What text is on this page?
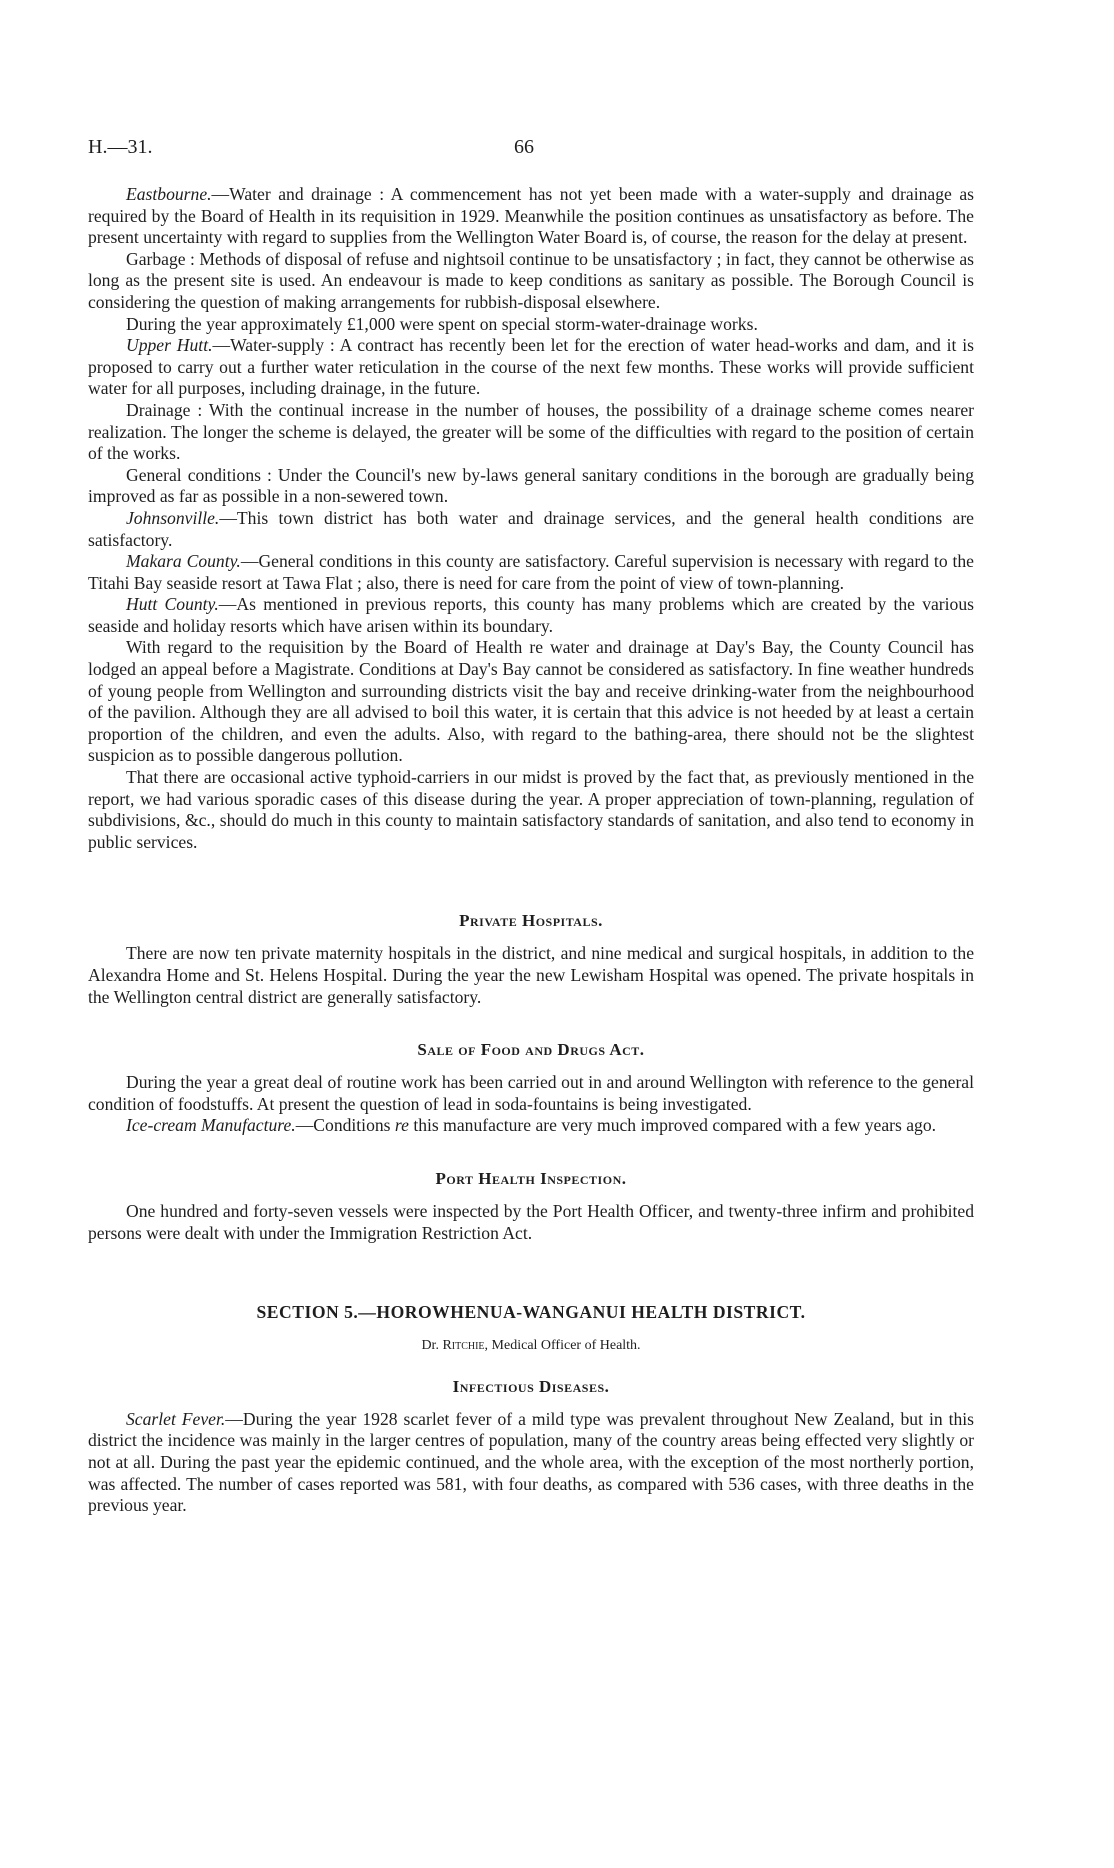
H.—31.	66

Eastbourne.—Water and drainage : A commencement has not yet been made with a water-supply and drainage as required by the Board of Health in its requisition in 1929. Meanwhile the position continues as unsatisfactory as before. The present uncertainty with regard to supplies from the Wellington Water Board is, of course, the reason for the delay at present.

Garbage : Methods of disposal of refuse and nightsoil continue to be unsatisfactory ; in fact, they cannot be otherwise as long as the present site is used. An endeavour is made to keep conditions as sanitary as possible. The Borough Council is considering the question of making arrangements for rubbish-disposal elsewhere.

During the year approximately £1,000 were spent on special storm-water-drainage works.

Upper Hutt.—Water-supply : A contract has recently been let for the erection of water head-works and dam, and it is proposed to carry out a further water reticulation in the course of the next few months. These works will provide sufficient water for all purposes, including drainage, in the future.

Drainage : With the continual increase in the number of houses, the possibility of a drainage scheme comes nearer realization. The longer the scheme is delayed, the greater will be some of the difficulties with regard to the position of certain of the works.

General conditions : Under the Council's new by-laws general sanitary conditions in the borough are gradually being improved as far as possible in a non-sewered town.

Johnsonville.—This town district has both water and drainage services, and the general health conditions are satisfactory.

Makara County.—General conditions in this county are satisfactory. Careful supervision is necessary with regard to the Titahi Bay seaside resort at Tawa Flat ; also, there is need for care from the point of view of town-planning.

Hutt County.—As mentioned in previous reports, this county has many problems which are created by the various seaside and holiday resorts which have arisen within its boundary.

With regard to the requisition by the Board of Health re water and drainage at Day's Bay, the County Council has lodged an appeal before a Magistrate. Conditions at Day's Bay cannot be considered as satisfactory. In fine weather hundreds of young people from Wellington and surrounding districts visit the bay and receive drinking-water from the neighbourhood of the pavilion. Although they are all advised to boil this water, it is certain that this advice is not heeded by at least a certain proportion of the children, and even the adults. Also, with regard to the bathing-area, there should not be the slightest suspicion as to possible dangerous pollution.

That there are occasional active typhoid-carriers in our midst is proved by the fact that, as previously mentioned in the report, we had various sporadic cases of this disease during the year. A proper appreciation of town-planning, regulation of subdivisions, &c., should do much in this county to maintain satisfactory standards of sanitation, and also tend to economy in public services.

Private Hospitals.

There are now ten private maternity hospitals in the district, and nine medical and surgical hospitals, in addition to the Alexandra Home and St. Helens Hospital. During the year the new Lewisham Hospital was opened. The private hospitals in the Wellington central district are generally satisfactory.

Sale of Food and Drugs Act.

During the year a great deal of routine work has been carried out in and around Wellington with reference to the general condition of foodstuffs. At present the question of lead in soda-fountains is being investigated.

Ice-cream Manufacture.—Conditions re this manufacture are very much improved compared with a few years ago.

Port Health Inspection.

One hundred and forty-seven vessels were inspected by the Port Health Officer, and twenty-three infirm and prohibited persons were dealt with under the Immigration Restriction Act.

SECTION 5.—HOROWHENUA-WANGANUI HEALTH DISTRICT.

Dr. Ritchie, Medical Officer of Health.

Infectious Diseases.

Scarlet Fever.—During the year 1928 scarlet fever of a mild type was prevalent throughout New Zealand, but in this district the incidence was mainly in the larger centres of population, many of the country areas being effected very slightly or not at all. During the past year the epidemic continued, and the whole area, with the exception of the most northerly portion, was affected. The number of cases reported was 581, with four deaths, as compared with 536 cases, with three deaths in the previous year.
